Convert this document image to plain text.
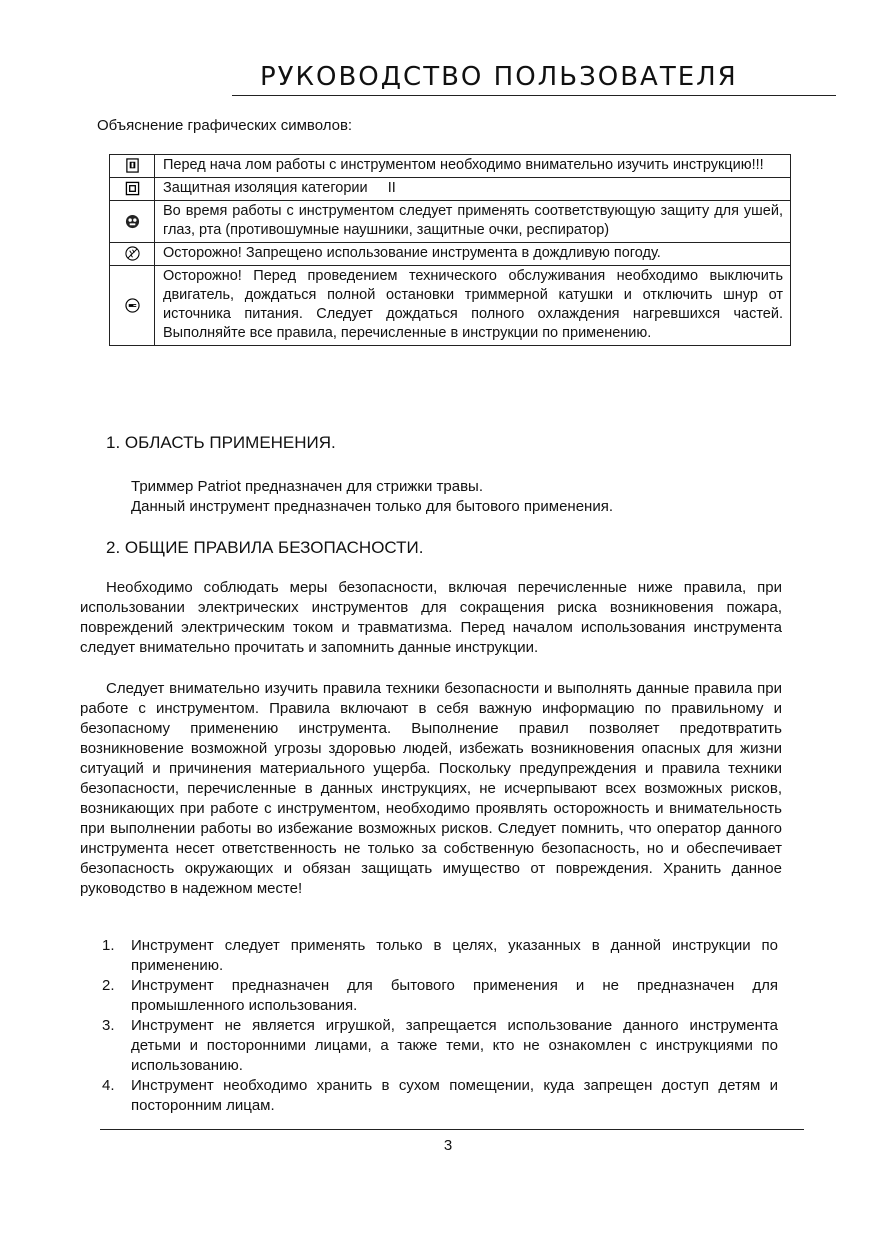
РУКОВОДСТВО ПОЛЬЗОВАТЕЛЯ
Объяснение графических символов:
	Перед нача лом работы с инструментом необходимо внимательно изучить инструкцию!!!
	Защитная изоляция категории     II
	Во время работы с инструментом следует применять соответствующую защиту для ушей, глаз, рта (противошумные наушники, защитные очки, респиратор)
	Осторожно! Запрещено использование инструмента в дождливую погоду.
	Осторожно! Перед проведением технического обслуживания необходимо выключить двигатель, дождаться полной остановки триммерной катушки и отключить шнур от источника питания. Следует дождаться полного охлаждения нагревшихся частей. Выполняйте все правила, перечисленные в инструкции по применению.
1. ОБЛАСТЬ ПРИМЕНЕНИЯ.

Триммер Patriot предназначен для стрижки травы.

Данный инструмент предназначен только для бытового применения.

2. ОБЩИЕ ПРАВИЛА БЕЗОПАСНОСТИ.

Необходимо соблюдать меры безопасности, включая перечисленные ниже правила, при использовании электрических инструментов для сокращения риска возникновения пожара, повреждений электрическим током и травматизма. Перед началом использования инструмента следует внимательно прочитать и запомнить данные инструкции.

Следует внимательно изучить правила техники безопасности и выполнять данные правила при работе с инструментом. Правила включают в себя важную информацию по правильному и безопасному применению инструмента. Выполнение правил позволяет предотвратить возникновение возможной угрозы здоровью людей, избежать возникновения опасных для жизни ситуаций и причинения материального ущерба. Поскольку предупреждения и правила техники безопасности, перечисленные в данных инструкциях, не исчерпывают всех возможных рисков, возникающих при работе с инструментом, необходимо проявлять осторожность и внимательность при выполнении работы во избежание возможных рисков. Следует помнить, что оператор данного инструмента несет ответственность не только за собственную безопасность, но и обеспечивает безопасность окружающих и обязан защищать имущество от повреждения. Хранить данное руководство в надежном месте!

1. Инструмент следует применять только в целях, указанных в данной инструкции по применению.
2. Инструмент предназначен для бытового применения и не предназначен для промышленного использования.
3. Инструмент не является игрушкой, запрещается использование данного инструмента детьми и посторонними лицами, а также теми, кто не ознакомлен с инструкциями по использованию.
4. Инструмент необходимо хранить в сухом помещении, куда запрещен доступ детям и посторонним лицам.
3
